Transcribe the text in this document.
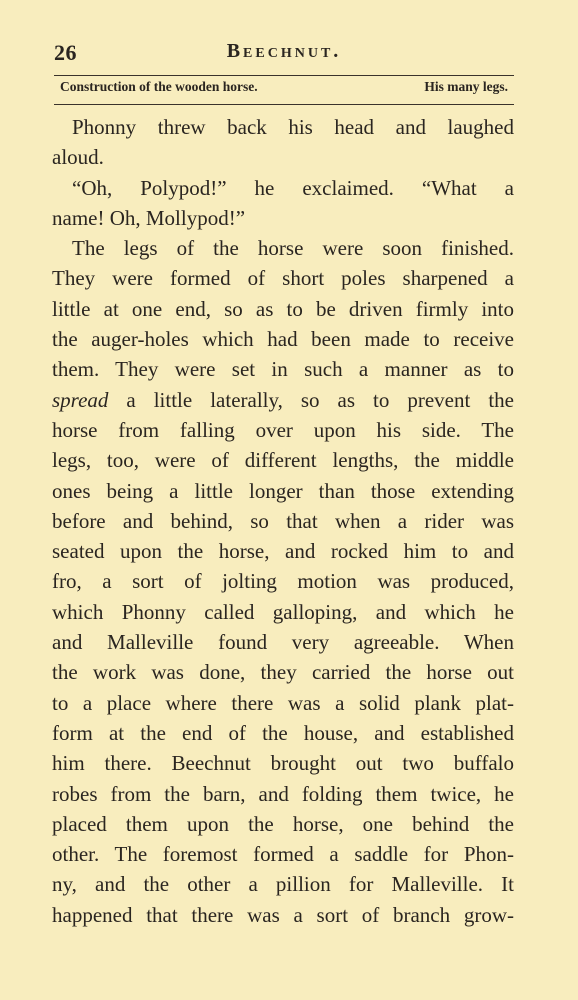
26	Beechnut.
Construction of the wooden horse.	His many legs.
Phonny threw back his head and laughed
aloud.
“Oh, Polypod!” he exclaimed. “What a
name! Oh, Mollypod!”
The legs of the horse were soon finished.
They were formed of short poles sharpened a
little at one end, so as to be driven firmly into
the auger-holes which had been made to receive
them. They were set in such a manner as to
spread a little laterally, so as to prevent the
horse from falling over upon his side. The
legs, too, were of different lengths, the middle
ones being a little longer than those extending
before and behind, so that when a rider was
seated upon the horse, and rocked him to and
fro, a sort of jolting motion was produced,
which Phonny called galloping, and which he
and Malleville found very agreeable. When
the work was done, they carried the horse out
to a place where there was a solid plank plat-
form at the end of the house, and established
him there. Beechnut brought out two buffalo
robes from the barn, and folding them twice, he
placed them upon the horse, one behind the
other. The foremost formed a saddle for Phon-
ny, and the other a pillion for Malleville. It
happened that there was a sort of branch grow-
